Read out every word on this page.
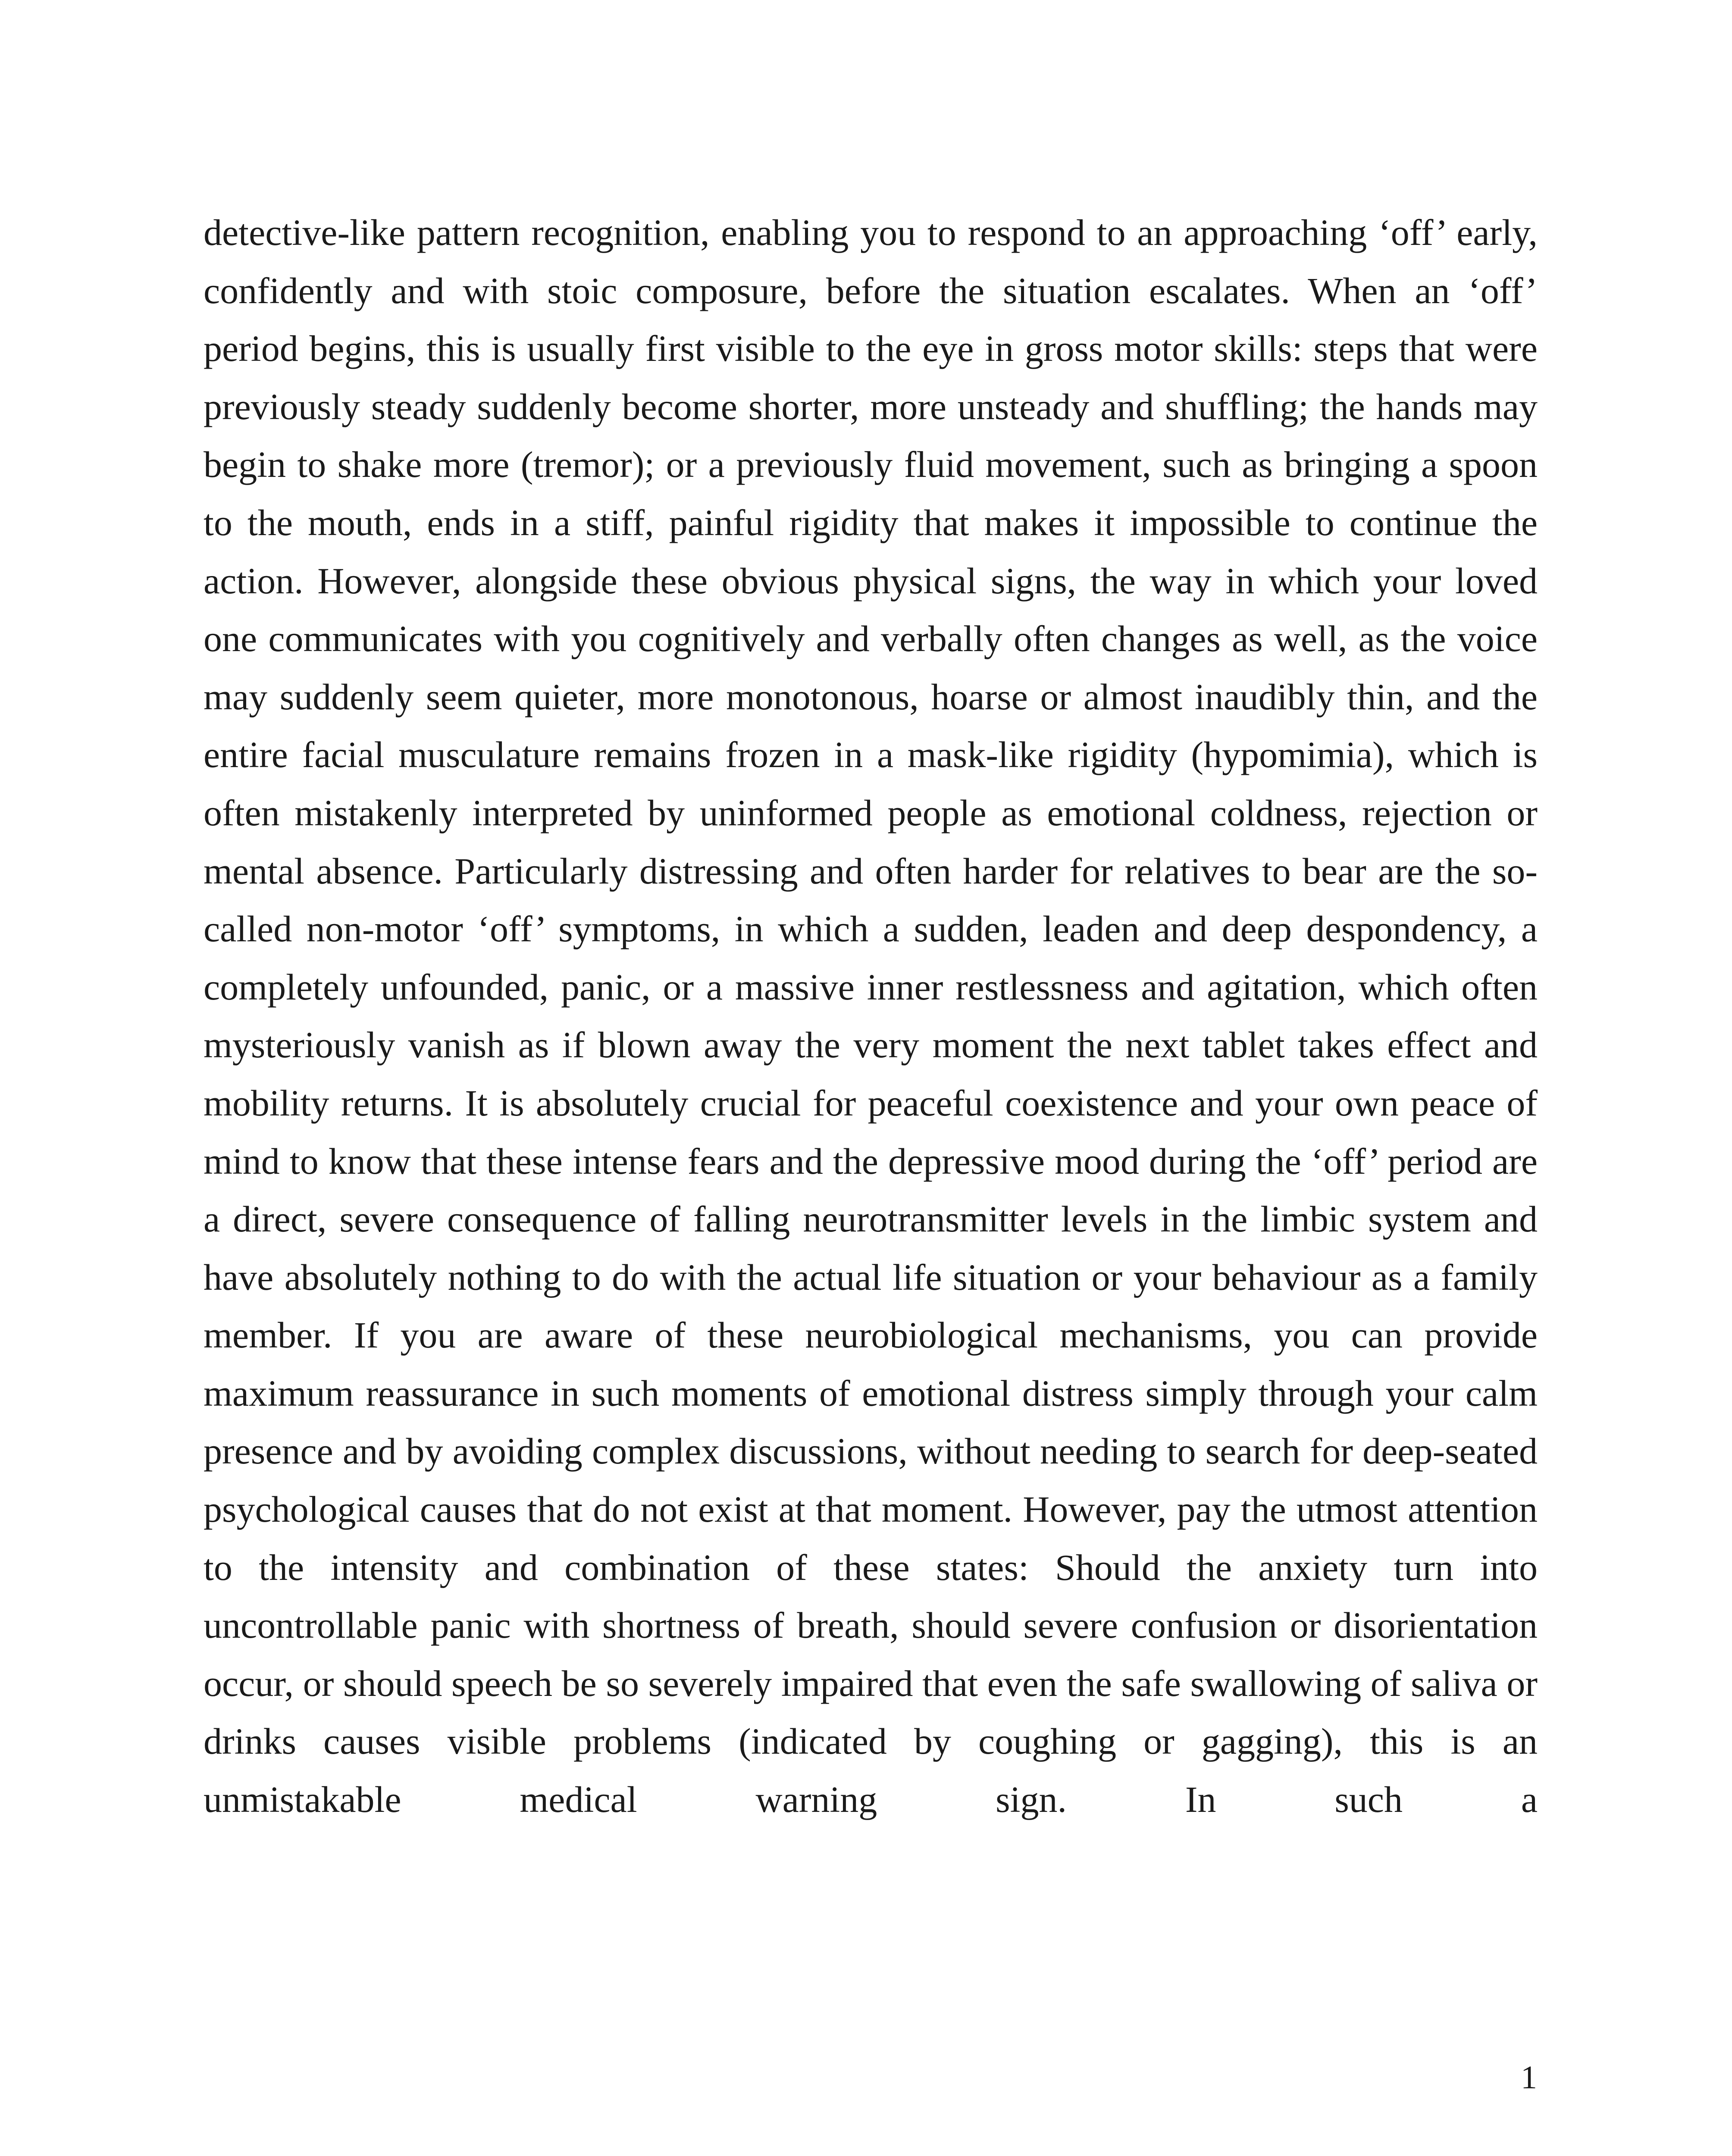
detective-like pattern recognition, enabling you to respond to an approaching ‘off’ early, confidently and with stoic composure, before the situation escalates. When an ‘off’ period begins, this is usually first visible to the eye in gross motor skills: steps that were previously steady suddenly become shorter, more unsteady and shuffling; the hands may begin to shake more (tremor); or a previously fluid movement, such as bringing a spoon to the mouth, ends in a stiff, painful rigidity that makes it impossible to continue the action. However, alongside these obvious physical signs, the way in which your loved one communicates with you cognitively and verbally often changes as well, as the voice may suddenly seem quieter, more monotonous, hoarse or almost inaudibly thin, and the entire facial musculature remains frozen in a mask-like rigidity (hypomimia), which is often mistakenly interpreted by uninformed people as emotional coldness, rejection or mental absence. Particularly distressing and often harder for relatives to bear are the so-called non-motor ‘off’ symptoms, in which a sudden, leaden and deep despondency, a completely unfounded, panic, or a massive inner restlessness and agitation, which often mysteriously vanish as if blown away the very moment the next tablet takes effect and mobility returns. It is absolutely crucial for peaceful coexistence and your own peace of mind to know that these intense fears and the depressive mood during the ‘off’ period are a direct, severe consequence of falling neurotransmitter levels in the limbic system and have absolutely nothing to do with the actual life situation or your behaviour as a family member. If you are aware of these neurobiological mechanisms, you can provide maximum reassurance in such moments of emotional distress simply through your calm presence and by avoiding complex discussions, without needing to search for deep-seated psychological causes that do not exist at that moment. However, pay the utmost attention to the intensity and combination of these states: Should the anxiety turn into uncontrollable panic with shortness of breath, should severe confusion or disorientation occur, or should speech be so severely impaired that even the safe swallowing of saliva or drinks causes visible problems (indicated by coughing or gagging), this is an unmistakable medical warning sign. In such a

1
